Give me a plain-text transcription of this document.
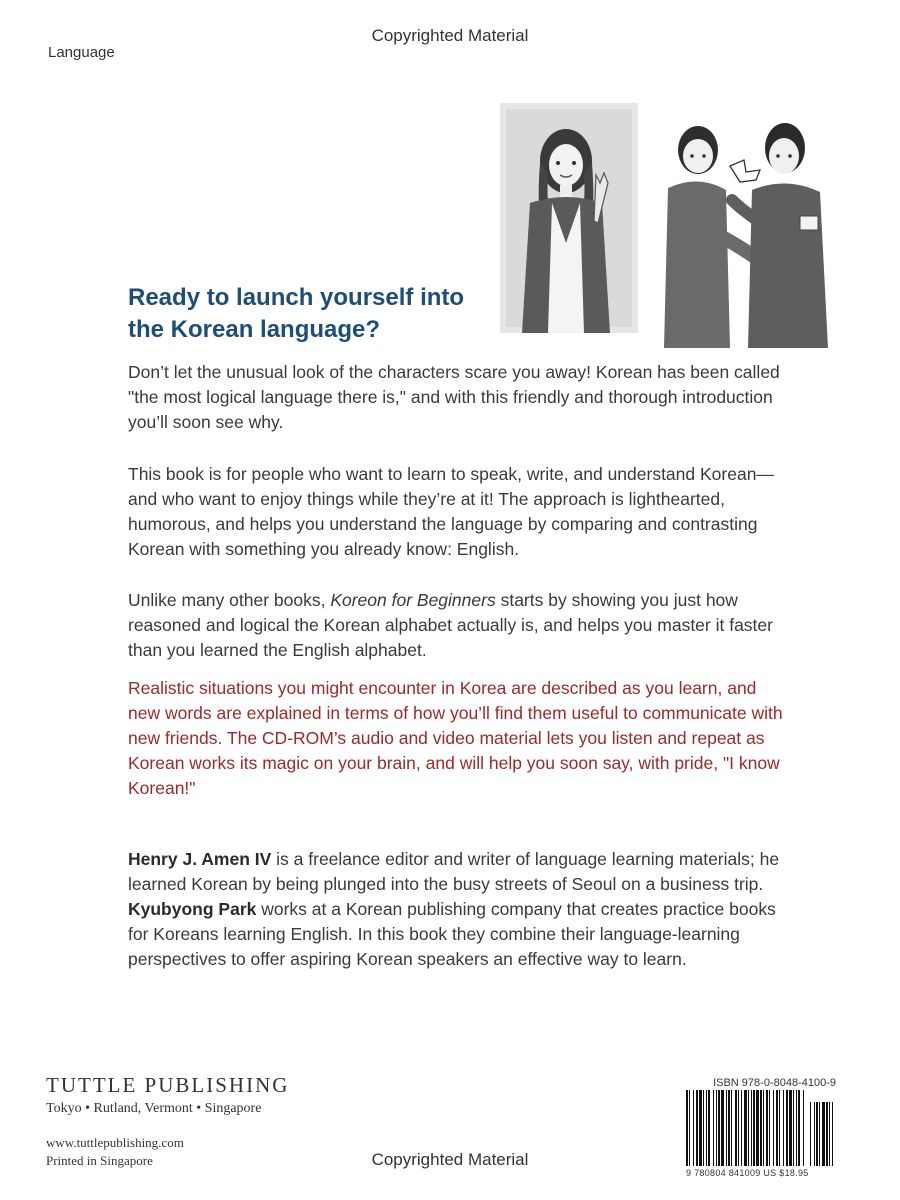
Copyrighted Material
Language
Ready to launch yourself into
the Korean language?
Don’t let the unusual look of the characters scare you away! Korean has been called "the most logical language there is," and with this friendly and thorough introduction you’ll soon see why.
This book is for people who want to learn to speak, write, and understand Korean—and who want to enjoy things while they’re at it! The approach is lighthearted, humorous, and helps you understand the language by comparing and contrasting Korean with something you already know: English.
Unlike many other books, Koreon for Beginners starts by showing you just how reasoned and logical the Korean alphabet actually is, and helps you master it faster than you learned the English alphabet.
Realistic situations you might encounter in Korea are described as you learn, and new words are explained in terms of how you’ll find them useful to communicate with new friends. The CD-ROM’s audio and video material lets you listen and repeat as Korean works its magic on your brain, and will help you soon say, with pride, "I know Korean!"
Henry J. Amen IV is a freelance editor and writer of language learning materials; he learned Korean by being plunged into the busy streets of Seoul on a business trip. Kyubyong Park works at a Korean publishing company that creates practice books for Koreans learning English. In this book they combine their language-learning perspectives to offer aspiring Korean speakers an effective way to learn.
TUTTLE PUBLISHING
Tokyo • Rutland, Vermont • Singapore
www.tuttlepublishing.com
Printed in Singapore
ISBN 978-0-8048-4100-9
9 780804 841009 US $18.95
Copyrighted Material
